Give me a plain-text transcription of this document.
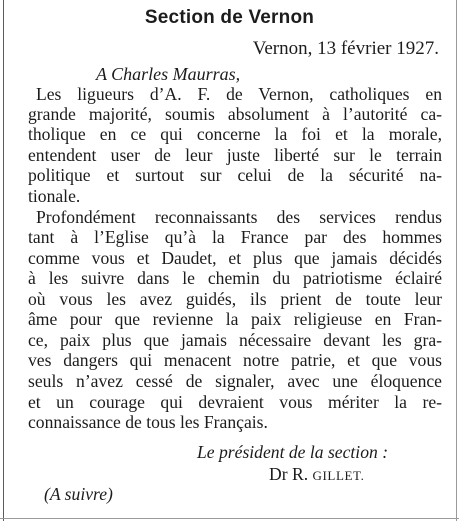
Section de Vernon
Vernon, 13 février 1927.
A Charles Maurras,
Les ligueurs d’A. F. de Vernon, catholiques en
grande majorité, soumis absolument à l’autorité ca-
tholique en ce qui concerne la foi et la morale,
entendent user de leur juste liberté sur le terrain
politique et surtout sur celui de la sécurité na-
tionale.
Profondément reconnaissants des services rendus
tant à l’Eglise qu’à la France par des hommes
comme vous et Daudet, et plus que jamais décidés
à les suivre dans le chemin du patriotisme éclairé
où vous les avez guidés, ils prient de toute leur
âme pour que revienne la paix religieuse en Fran-
ce, paix plus que jamais nécessaire devant les gra-
ves dangers qui menacent notre patrie, et que vous
seuls n’avez cessé de signaler, avec une éloquence
et un courage qui devraient vous mériter la re-
connaissance de tous les Français.
Le président de la section :
Dr R. GILLET.
(A suivre)
